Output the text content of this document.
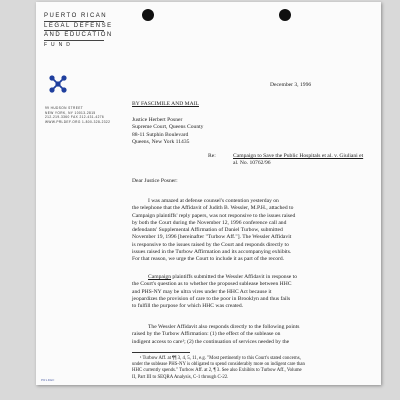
PUERTO RICAN
LEGAL DEFENSE
AND EDUCATION
FUND
99 HUDSON STREET
NEW YORK, NY 10013-2815
212-219-3360 FAX 212-431-4276
WWW.PRLDEF.ORG 1-800-328-2322
December 3, 1996
BY FASCIMILE AND MAIL
Justice Herbert Posner
Supreme Court, Queens County
88-11 Sutphin Boulevard
Queens, New York 11435
Re:	Campaign to Save the Public Hospitals et al. v. Giuliani et
al. No. 10762/96
Dear Justice Posner:
I was amazed at defense counsel's contention yesterday on
the telephone that the Affidavit of Judith B. Wessler, M.P.H., attached to
Campaign plaintiffs' reply papers, was not responsive to the issues raised
by both the Court during the November 12, 1996 conference call and
defendants' Supplemental Affirmation of Daniel Turbow, submitted
November 19, 1996 [hereinafter "Turbow Aff."]. The Wessler Affidavit
is responsive to the issues raised by the Court and responds directly to
issues raised in the Turbow Affirmation and its accompanying exhibits.
For that reason, we urge the Court to include it as part of the record.
Campaign plaintiffs submitted the Wessler Affidavit in response to
the Court's question as to whether the proposed sublease between HHC
and PHS-NY may be ultra vires under the HHC Act because it
jeopardizes the provision of care to the poor in Brooklyn and thus fails
to fulfill the purpose for which HHC was created.
The Wessler Affidavit also responds directly to the following points
raised by the Turbow Affirmation: (1) the effect of the sublease on
indigent access to care¹; (2) the continuation of services needed by the
¹ Turbow Aff. at ¶¶ 3, 4, 5, 11, e.g. "Most pertinently to this Court's stated concerns,
under the sublease PHS-NY is obligated to spend considerably more on indigent care than
HHC currently spends." Turbow Aff. at 2, ¶ 3. See also Exhibits to Turbow Aff., Volume
II, Part III to SEQRA Analysis, C-1 through C-22.
PRLDEF
